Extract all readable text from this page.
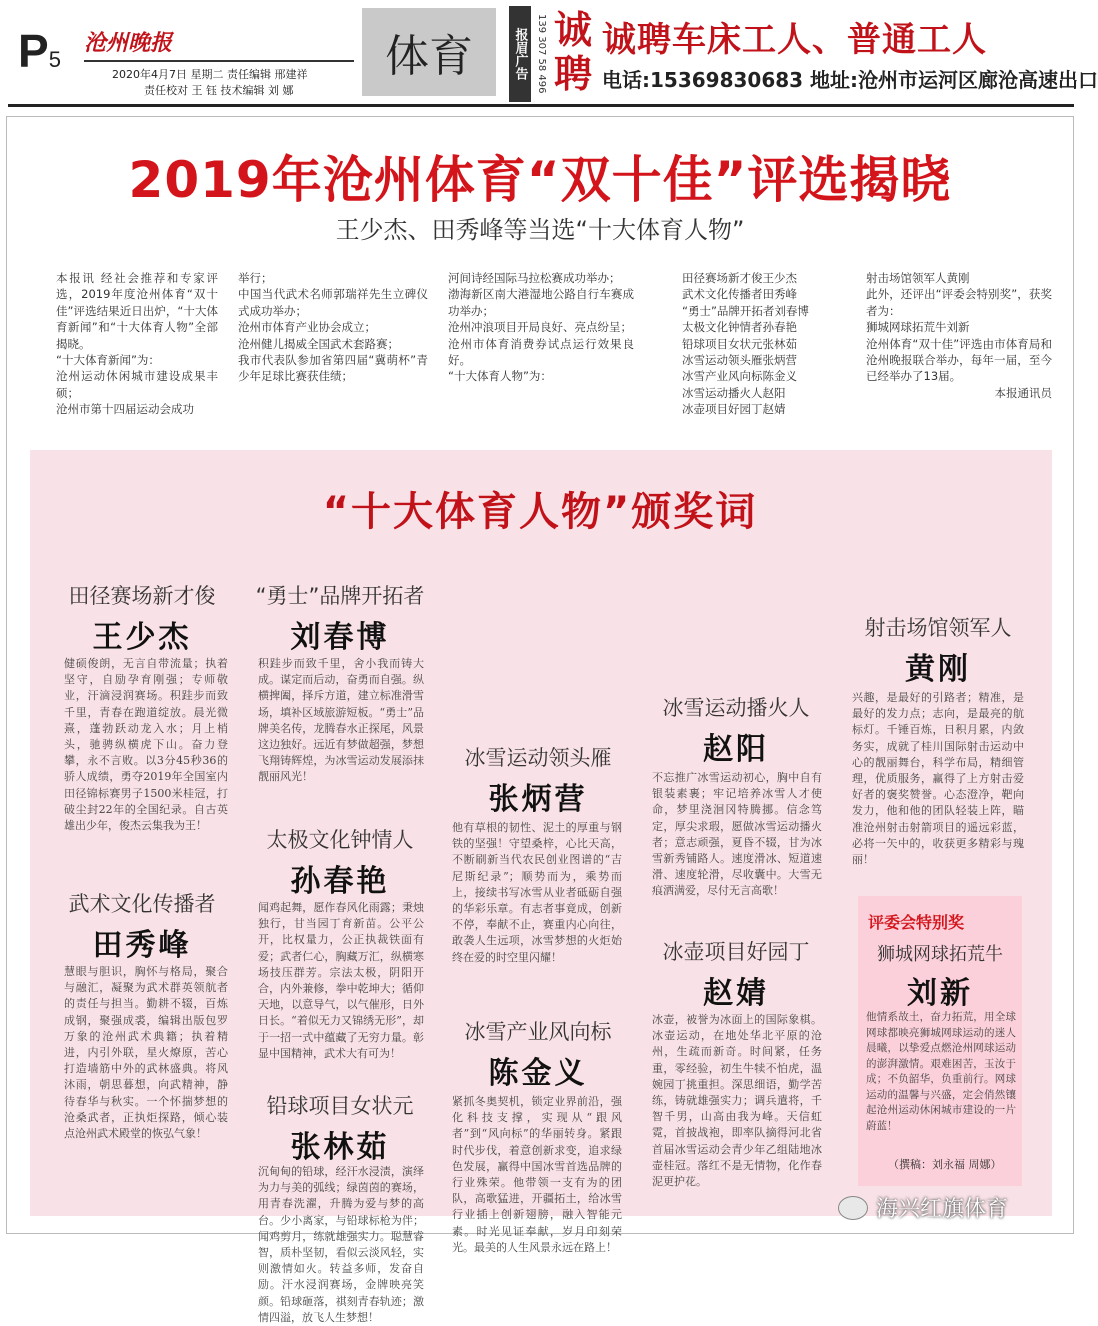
P5
沧州晚报
2020年4月7日 星期二 责任编辑 邢建祥
责任校对 王 钰 技术编辑 刘 娜
体育	报眉广告 139 307 58 496 诚聘
诚聘车床工人、普通工人
电话:15369830683 地址:沧州市运河区廊沧高速出口
2019年沧州体育“双十佳”评选揭晓
王少杰、田秀峰等当选“十大体育人物”

本报讯 经社会推荐和专家评选，2019年度沧州体育“双十佳”评选结果近日出炉，“十大体育新闻”和“十大体育人物”全部揭晓。

“十大体育新闻”为：

沧州运动休闲城市建设成果丰硕；

沧州市第十四届运动会成功

举行；

中国当代武术名师郭瑞祥先生立碑仪式成功举办；

沧州市体育产业协会成立；

沧州健儿揭威全国武术套路赛；

我市代表队参加省第四届“冀萌杯”青少年足球比赛获佳绩；

河间诗经国际马拉松赛成功举办；

渤海新区南大港湿地公路自行车赛成功举办；

沧州冲浪项目开局良好、亮点纷呈；

沧州市体育消费券试点运行效果良好。

“十大体育人物”为：

田径赛场新才俊王少杰

武术文化传播者田秀峰

“勇士”品牌开拓者刘春博

太极文化钟情者孙春艳

铅球项目女状元张林茹

冰雪运动领头雁张炳营

冰雪产业风向标陈金义

冰雪运动播火人赵阳

冰壶项目好园丁赵婧

射击场馆领军人黄刚

此外，还评出“评委会特别奖”，获奖者为：

狮城网球拓荒牛刘新

沧州体育“双十佳”评选由市体育局和沧州晚报联合举办，每年一届，至今已经举办了13届。

本报通讯员

“十大体育人物”颁奖词
田径赛场新才俊
王少杰
健硕俊朗，无言自带流量；执着坚守，自励孕育刚强；专师敬业，汗滴浸润赛场。积跬步而致千里，青春在跑道绽放。晨光微熹，蓬勃跃动龙入水；月上梢头，驰骋纵横虎下山。奋力登攀，永不言败。以3分45秒36的骄人成绩，勇夺2019年全国室内田径锦标赛男子1500米桂冠，打破尘封22年的全国纪录。自古英雄出少年，俊杰云集我为王！
武术文化传播者
田秀峰
慧眼与胆识，胸怀与格局，聚合与融汇，凝聚为武术群英领航者的责任与担当。勤耕不辍，百炼成钢，聚强成裘，编辑出版包罗万象的沧州武术典籍；执着精进，内引外联，星火燎原，苦心打造墙筋中外的武林盛典。将风沐雨，朝思暮想，向武精神，静待春华与秋实。一个怀揣梦想的沧桑武者，正执炬探路，倾心装点沧州武术殿堂的恢弘气象！
“勇士”品牌开拓者
刘春博
积跬步而致千里，舍小我而铸大成。谋定而后动，奋勇而自强。纵横捭阖，择斥方道，建立标准滑雪场，填补区域旅游短板。“勇士”品牌美名传，龙腾春水正探尾，风景这边独好。远近有梦做超强，梦想飞翔铸辉煌，为冰雪运动发展添抹靓丽风光！
太极文化钟情人
孙春艳
闻鸡起舞，愿作春风化雨露；秉烛独行，甘当园丁育新苗。公平公开，比权量力，公正执裁铁面有爱；武者仁心，胸藏万汇，纵横寒场技压群芳。宗法太极，阴阳开合，内外兼修，拳中乾坤大；循仰天地，以意导气，以气催形，日外日长。“着似无力又锦绣无形”，却于一招一式中蕴藏了无穷力量。彰显中国精神，武术大有可为！
铅球项目女状元
张林茹
沉甸甸的铅球，经汗水浸渍，演绎为力与美的弧线；绿茵茵的赛场，用青春洗濯，升腾为爱与梦的高台。少小离家，与铅球标枪为伴；闻鸡剪月，练就雄强实力。聪慧睿智，质朴坚韧，看似云淡风轻，实则激情如火。转益多师，发奋自励。汗水浸润赛场，金牌映亮笑颜。铅球砸落，祺刻青春轨迹；激情四溢，放飞人生梦想！
冰雪运动领头雁
张炳营
他有草根的韧性、泥土的厚重与钢铁的坚强！守望桑梓，心比天高，不断刷新当代农民创业图谱的“吉尼斯纪录”；顺势而为，乘势而上，接续书写冰雪从业者砥砺自强的华彩乐章。有志者事竟成，创新不停，奉献不止，赛重内心向往，敢袭人生远项，冰雪梦想的火炬始终在爱的时空里闪耀！
冰雪产业风向标
陈金义
紧抓冬奥契机，锁定业界前沿，强化科技支撑，实现从“跟风者”到“风向标”的华丽转身。紧跟时代步伐，着意创新求变，追求绿色发展，赢得中国冰雪首选品牌的行业殊荣。他带领一支有为的团队，高歌猛进，开疆拓土，给冰雪行业插上创新翅膀，融入智能元素。时光见证奉献，岁月印刻荣光。最美的人生风景永远在路上！
冰雪运动播火人
赵阳
不忘推广冰雪运动初心，胸中自有银装素裹；牢记培养冰雪人才使命，梦里浇洄冈特腾挪。信念笃定，厚尖求瑕，愿做冰雪运动播火者；意志顽强，夏昏不辍，甘为冰雪新秀铺路人。速度滑冰、短道速滑、速度轮滑，尽收囊中。大雪无痕洒满爱，尽付无言高歌！
冰壶项目好园丁
赵婧
冰壶，被誉为冰面上的国际象棋。冰壶运动，在地处华北平原的沧州，生疏而新奇。时间紧，任务重，零经验，初生牛犊不怕虎，温婉园丁挑重担。深思细语，勤学苦练，铸就雄强实力；调兵遣将，千智千男，山高由我为峰。天信虹霓，首披战袍，即率队摘得河北省首届冰雪运动会青少年乙组陆地冰壶桂冠。落红不是无情物，化作春泥更护花。
射击场馆领军人
黄刚
兴趣，是最好的引路者；精准，是最好的发力点；志向，是最亮的航标灯。千锤百炼，日积月累，内敛务实，成就了桂川国际射击运动中心的靓丽舞台，科学布局，精细管理，优质服务，赢得了上方射击爱好者的褒奖赞誉。心态澄净，靶向发力，他和他的团队轻装上阵，瞄准沧州射击射箭项目的遥远彩蓝，必将一矢中的，收获更多精彩与瑰丽！
评委会特别奖
狮城网球拓荒牛
刘新
他情系故土，奋力拓荒，用全球网球都映亮狮城网球运动的迷人晨曦，以挚爱点燃沧州网球运动的澎湃激情。艰难困苦，玉汝于成；不负韶华，负重前行。网球运动的温馨与兴盛，定会俏然镶起沧州运动休闲城市建设的一片蔚蓝！
（撰稿：刘永福 周娜）
海兴红旗体育
